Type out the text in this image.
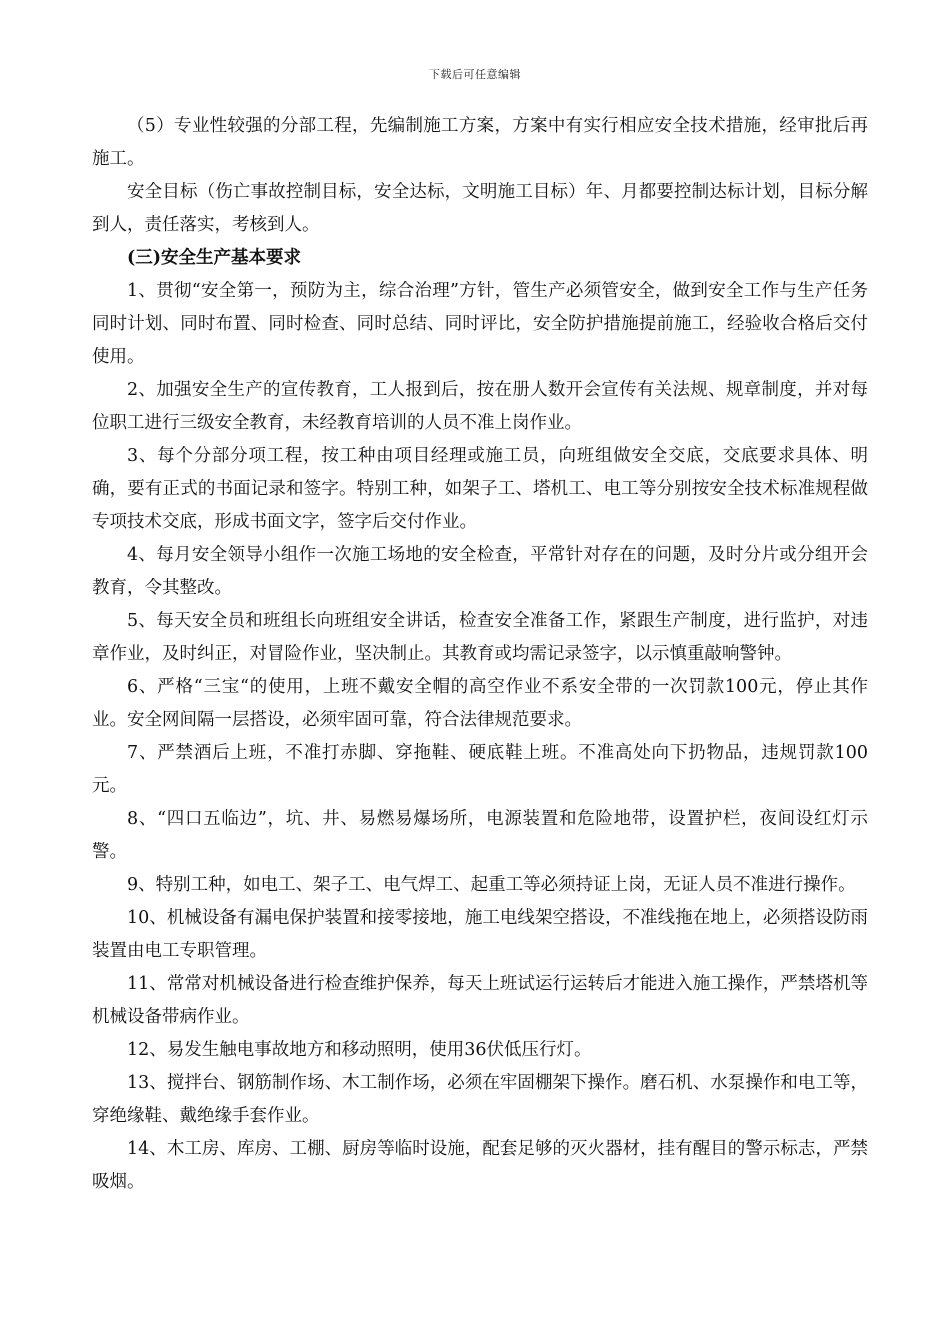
下载后可任意编辑

（5）专业性较强的分部工程，先编制施工方案，方案中有实行相应安全技术措施，经审批后再施工。

安全目标（伤亡事故控制目标，安全达标，文明施工目标）年、月都要控制达标计划，目标分解到人，责任落实，考核到人。

(三)安全生产基本要求

1、贯彻“安全第一，预防为主，综合治理”方针，管生产必须管安全，做到安全工作与生产任务同时计划、同时布置、同时检查、同时总结、同时评比，安全防护措施提前施工，经验收合格后交付使用。

2、加强安全生产的宣传教育，工人报到后，按在册人数开会宣传有关法规、规章制度，并对每位职工进行三级安全教育，未经教育培训的人员不准上岗作业。

3、每个分部分项工程，按工种由项目经理或施工员，向班组做安全交底，交底要求具体、明确，要有正式的书面记录和签字。特别工种，如架子工、塔机工、电工等分别按安全技术标准规程做专项技术交底，形成书面文字，签字后交付作业。

4、每月安全领导小组作一次施工场地的安全检查，平常针对存在的问题，及时分片或分组开会教育，令其整改。

5、每天安全员和班组长向班组安全讲话，检查安全准备工作，紧跟生产制度，进行监护，对违章作业，及时纠正，对冒险作业，坚决制止。其教育或均需记录签字，以示慎重敲响警钟。

6、严格“三宝“的使用，上班不戴安全帽的高空作业不系安全带的一次罚款100元，停止其作业。安全网间隔一层搭设，必须牢固可靠，符合法律规范要求。

7、严禁酒后上班，不准打赤脚、穿拖鞋、硬底鞋上班。不准高处向下扔物品，违规罚款100元。

8、“四口五临边”，坑、井、易燃易爆场所，电源装置和危险地带，设置护栏，夜间设红灯示警。

9、特别工种，如电工、架子工、电气焊工、起重工等必须持证上岗，无证人员不准进行操作。

10、机械设备有漏电保护装置和接零接地，施工电线架空搭设，不准线拖在地上，必须搭设防雨装置由电工专职管理。

11、常常对机械设备进行检查维护保养，每天上班试运行运转后才能进入施工操作，严禁塔机等机械设备带病作业。

12、易发生触电事故地方和移动照明，使用36伏低压行灯。

13、搅拌台、钢筋制作场、木工制作场，必须在牢固棚架下操作。磨石机、水泵操作和电工等，穿绝缘鞋、戴绝缘手套作业。

14、木工房、库房、工棚、厨房等临时设施，配套足够的灭火器材，挂有醒目的警示标志，严禁吸烟。
